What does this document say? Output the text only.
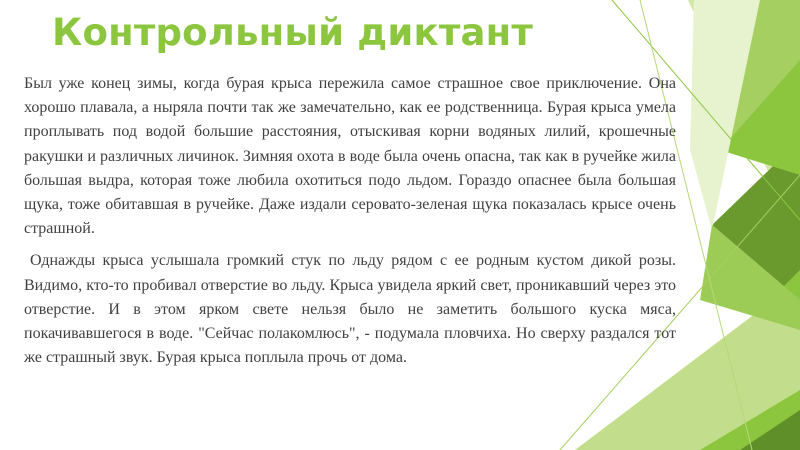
Контрольный диктант

Был уже конец зимы, когда бурая крыса пережила самое страшное свое приключение. Она хорошо плавала, а ныряла почти так же замечательно, как ее родственница. Бурая крыса умела проплывать под водой большие расстояния, отыскивая корни водяных лилий, крошечные ракушки и различных личинок. Зимняя охота в воде была очень опасна, так как в ручейке жила большая выдра, которая тоже любила охотиться подо льдом. Гораздо опаснее была большая щука, тоже обитавшая в ручейке. Даже издали серовато-зеленая щука показалась крысе очень страшной.

Однажды крыса услышала громкий стук по льду рядом с ее родным кустом дикой розы. Видимо, кто-то пробивал отверстие во льду. Крыса увидела яркий свет, проникавший через это отверстие. И в этом ярком свете нельзя было не заметить большого куска мяса, покачивавшегося в воде. "Сейчас полакомлюсь", - подумала пловчиха. Но сверху раздался тот же страшный звук. Бурая крыса поплыла прочь от дома.
